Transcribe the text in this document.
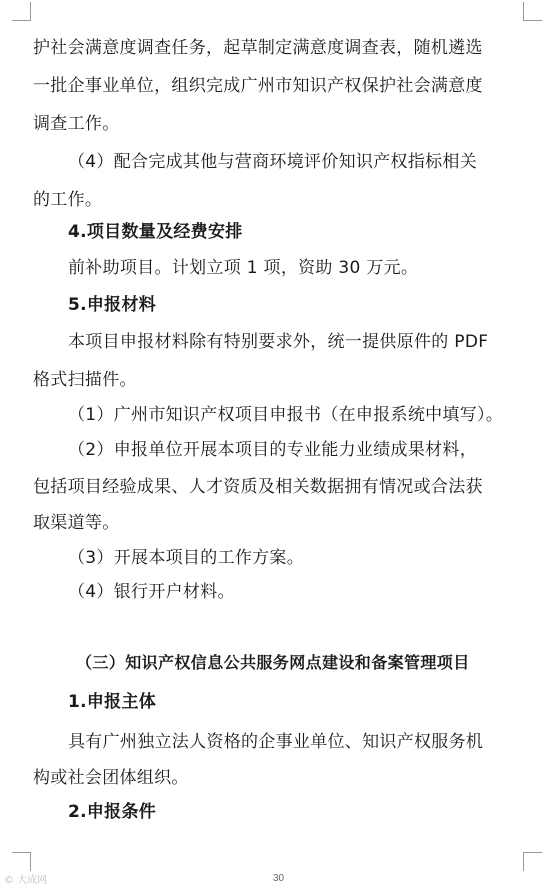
护社会满意度调查任务，起草制定满意度调查表，随机遴选
一批企事业单位，组织完成广州市知识产权保护社会满意度
调查工作。
（4）配合完成其他与营商环境评价知识产权指标相关
的工作。
4.项目数量及经费安排
前补助项目。计划立项 1 项，资助 30 万元。
5.申报材料
本项目申报材料除有特别要求外，统一提供原件的 PDF
格式扫描件。
（1）广州市知识产权项目申报书（在申报系统中填写）。
（2）申报单位开展本项目的专业能力业绩成果材料，
包括项目经验成果、人才资质及相关数据拥有情况或合法获
取渠道等。
（3）开展本项目的工作方案。
（4）银行开户材料。
（三）知识产权信息公共服务网点建设和备案管理项目
1.申报主体
具有广州独立法人资格的企事业单位、知识产权服务机
构或社会团体组织。
2.申报条件
30
© 大成网
